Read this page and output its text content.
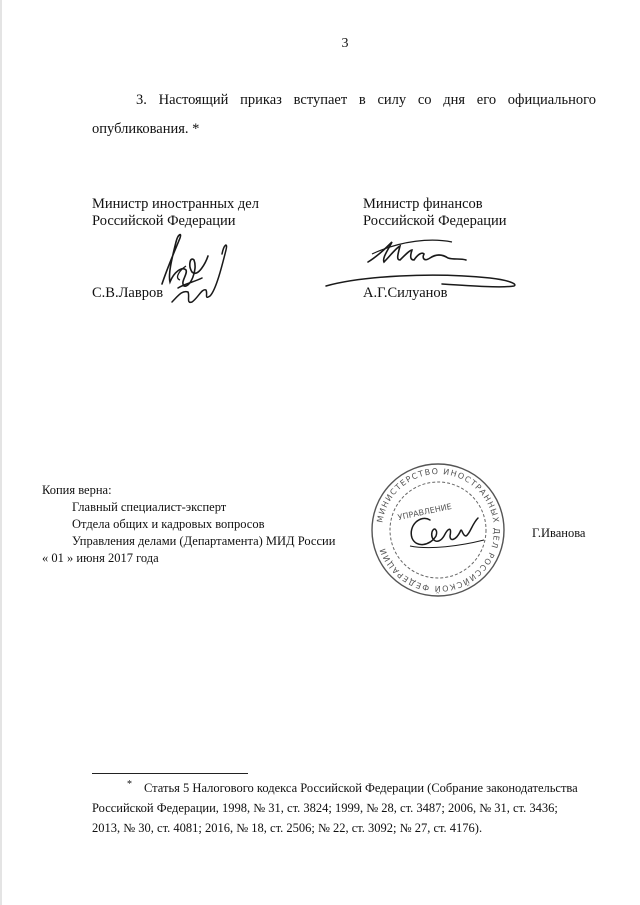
3
3. Настоящий приказ вступает в силу со дня его официального опубликования. *
Министр иностранных дел
Российской Федерации
С.В.Лавров
Министр финансов
Российской Федерации
А.Г.Силуанов
Копия верна:
Главный специалист-эксперт
Отдела общих и кадровых вопросов
Управления делами (Департамента) МИД России
« 01 » июня 2017 года
Г.Иванова
МИНИСТЕРСТВО ИНОСТРАННЫХ ДЕЛ РОССИЙСКОЙ ФЕДЕРАЦИИ
УПРАВЛЕНИЕ
* Статья 5 Налогового кодекса Российской Федерации (Собрание законодательства
Российской Федерации, 1998, № 31, ст. 3824; 1999, № 28, ст. 3487; 2006, № 31, ст. 3436;
2013, № 30, ст. 4081; 2016, № 18, ст. 2506; № 22, ст. 3092; № 27, ст. 4176).
